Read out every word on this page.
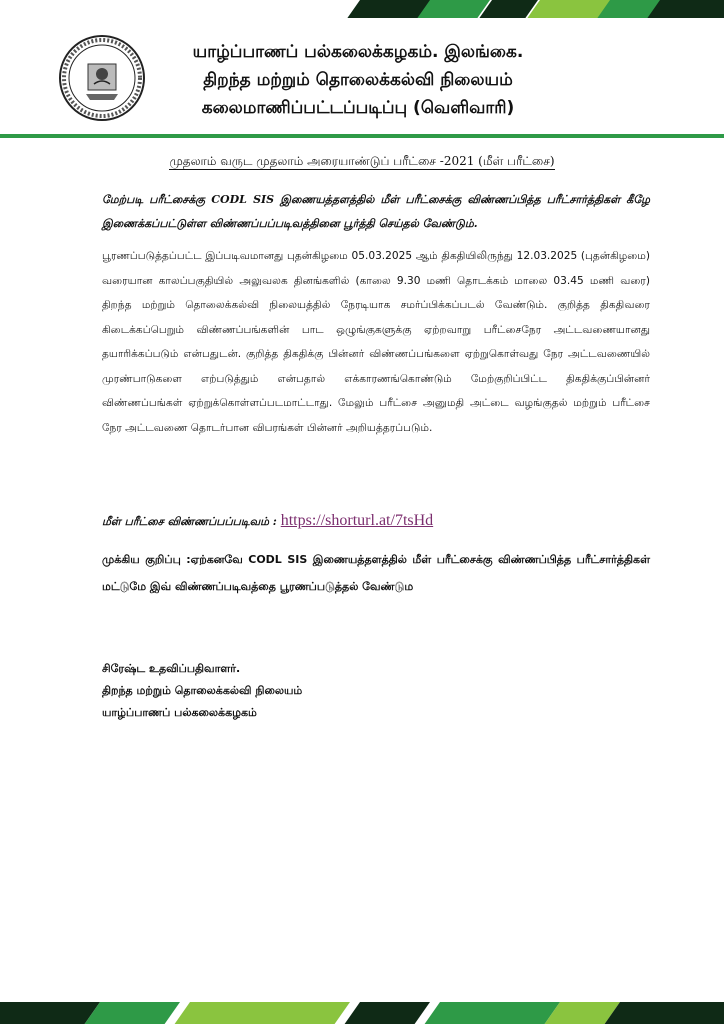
யாழ்ப்பாணப் பல்கலைக்கழகம். இலங்கை.
திறந்த மற்றும் தொலைக்கல்வி நிலையம்
கலைமாணிப்பட்டப்படிப்பு (வெளிவாரி)
முதலாம் வருட முதலாம் அரையாண்டுப் பரீட்சை -2021 (மீள் பரீட்சை)
மேற்படி பரீட்சைக்கு CODL SIS இணையத்தளத்தில் மீள் பரீட்சைக்கு விண்ணப்பித்த பரீட்சார்த்திகள் கீழே இணைக்கப்பட்டுள்ள விண்ணப்பப்படிவத்தினை பூர்த்தி செய்தல் வேண்டும்.
பூரணப்படுத்தப்பட்ட இப்படிவமானது புதன்கிழமை 05.03.2025 ஆம் திகதியிலிருந்து 12.03.2025 (புதன்கிழமை) வரையான காலப்பகுதியில் அலுவலக தினங்களில் (காலை 9.30 மணி தொடக்கம் மாலை 03.45 மணி வரை) திறந்த மற்றும் தொலைக்கல்வி நிலையத்தில் நேரடியாக சமர்ப்பிக்கப்படல் வேண்டும். குறித்த திகதிவரை கிடைக்கப்பெறும் விண்ணப்பங்களின் பாட ஒழுங்குகளுக்கு ஏற்றவாறு பரீட்சைநேர அட்டவணையானது தயாரிக்கப்படும் என்பதுடன். குறித்த திகதிக்கு பின்னர் விண்ணப்பங்களை ஏற்றுகொள்வது நேர அட்டவணையில் முரண்பாடுகளை எற்படுத்தும் என்பதால் எக்காரணங்கொண்டும் மேற்குறிப்பிட்ட திகதிக்குப்பின்னர் விண்ணப்பங்கள் ஏற்றுக்கொள்ளப்படமாட்டாது. மேலும் பரீட்சை அனுமதி அட்டை வழங்குதல் மற்றும் பரீட்சை நேர அட்டவணை தொடர்பான விபரங்கள் பின்னர் அறியத்தரப்படும்.
மீள் பரீட்சை விண்ணப்பப்படிவம் : https://shorturl.at/7tsHd
முக்கிய குறிப்பு :ஏற்கனவே CODL SIS இணையத்தளத்தில் மீள் பரீட்சைக்கு விண்ணப்பித்த பரீட்சார்த்திகள் மட்டுமே இவ் விண்ணப்படிவத்தை பூரணப்படுத்தல் வேண்டும
சிரேஷ்ட உதவிப்பதிவாளர்.
திறந்த மற்றும் தொலைக்கல்வி நிலையம்
யாழ்ப்பாணப் பல்கலைக்கழகம்
